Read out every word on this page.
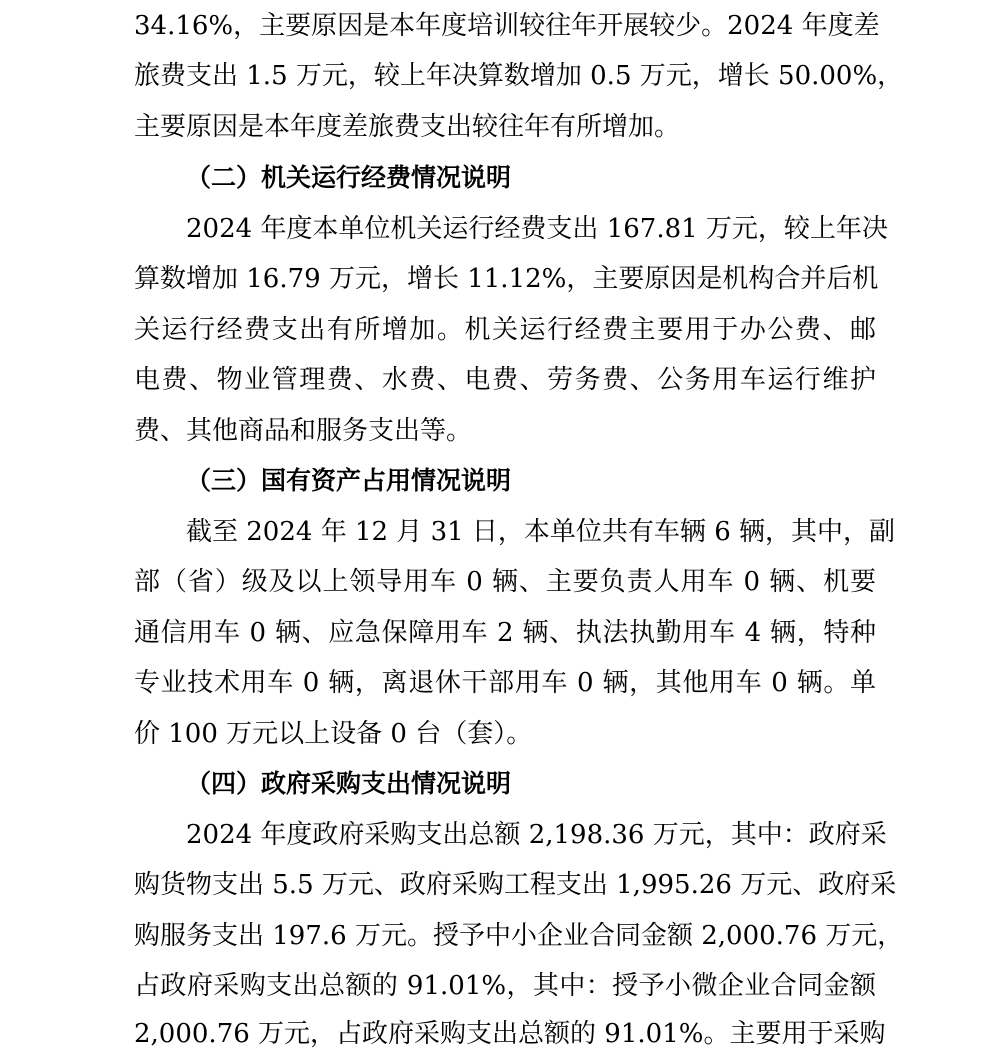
34.16%，主要原因是本年度培训较往年开展较少。2024 年度差
旅费支出 1.5 万元，较上年决算数增加 0.5 万元，增长 50.00%，
主要原因是本年度差旅费支出较往年有所增加。
（二）机关运行经费情况说明
2024 年度本单位机关运行经费支出 167.81 万元，较上年决
算数增加 16.79 万元，增长 11.12%，主要原因是机构合并后机
关运行经费支出有所增加。机关运行经费主要用于办公费、邮
电费、物业管理费、水费、电费、劳务费、公务用车运行维护
费、其他商品和服务支出等。
（三）国有资产占用情况说明
截至 2024 年 12 月 31 日，本单位共有车辆 6 辆，其中，副
部（省）级及以上领导用车 0 辆、主要负责人用车 0 辆、机要
通信用车 0 辆、应急保障用车 2 辆、执法执勤用车 4 辆，特种
专业技术用车 0 辆，离退休干部用车 0 辆，其他用车 0 辆。单
价 100 万元以上设备 0 台（套）。
（四）政府采购支出情况说明
2024 年度政府采购支出总额 2,198.36 万元，其中：政府采
购货物支出 5.5 万元、政府采购工程支出 1,995.26 万元、政府采
购服务支出 197.6 万元。授予中小企业合同金额 2,000.76 万元，
占政府采购支出总额的 91.01%，其中：授予小微企业合同金额
2,000.76 万元，占政府采购支出总额的 91.01%。主要用于采购
